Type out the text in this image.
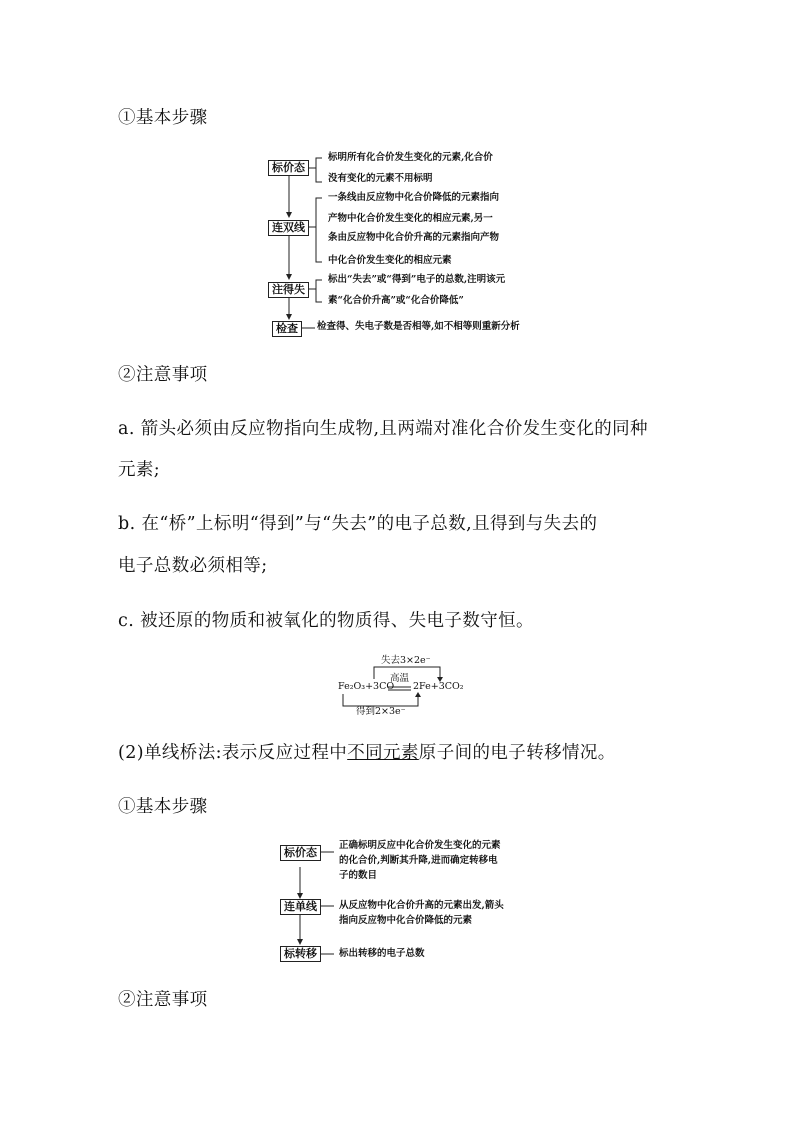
①基本步骤
标价态
标明所有化合价发生变化的元素,化合价
没有变化的元素不用标明
连双线
一条线由反应物中化合价降低的元素指向
产物中化合价发生变化的相应元素,另一
条由反应物中化合价升高的元素指向产物
中化合价发生变化的相应元素
注得失
标出“失去”或“得到”电子的总数,注明该元
素“化合价升高”或“化合价降低”
检查	检查得、失电子数是否相等,如不相等则重新分析
②注意事项
a. 箭头必须由反应物指向生成物,且两端对准化合价发生变化的同种
元素;
b. 在“桥”上标明“得到”与“失去”的电子总数,且得到与失去的
电子总数必须相等;
c. 被还原的物质和被氧化的物质得、失电子数守恒。
失去3×2e⁻
Fe₂O₃+3CO
高温
2Fe+3CO₂
得到2×3e⁻
(2)单线桥法:表示反应过程中不同元素原子间的电子转移情况。
①基本步骤
标价态
正确标明反应中化合价发生变化的元素
的化合价,判断其升降,进而确定转移电
子的数目
连单线	从反应物中化合价升高的元素出发,箭头
指向反应物中化合价降低的元素
标转移	标出转移的电子总数
②注意事项
